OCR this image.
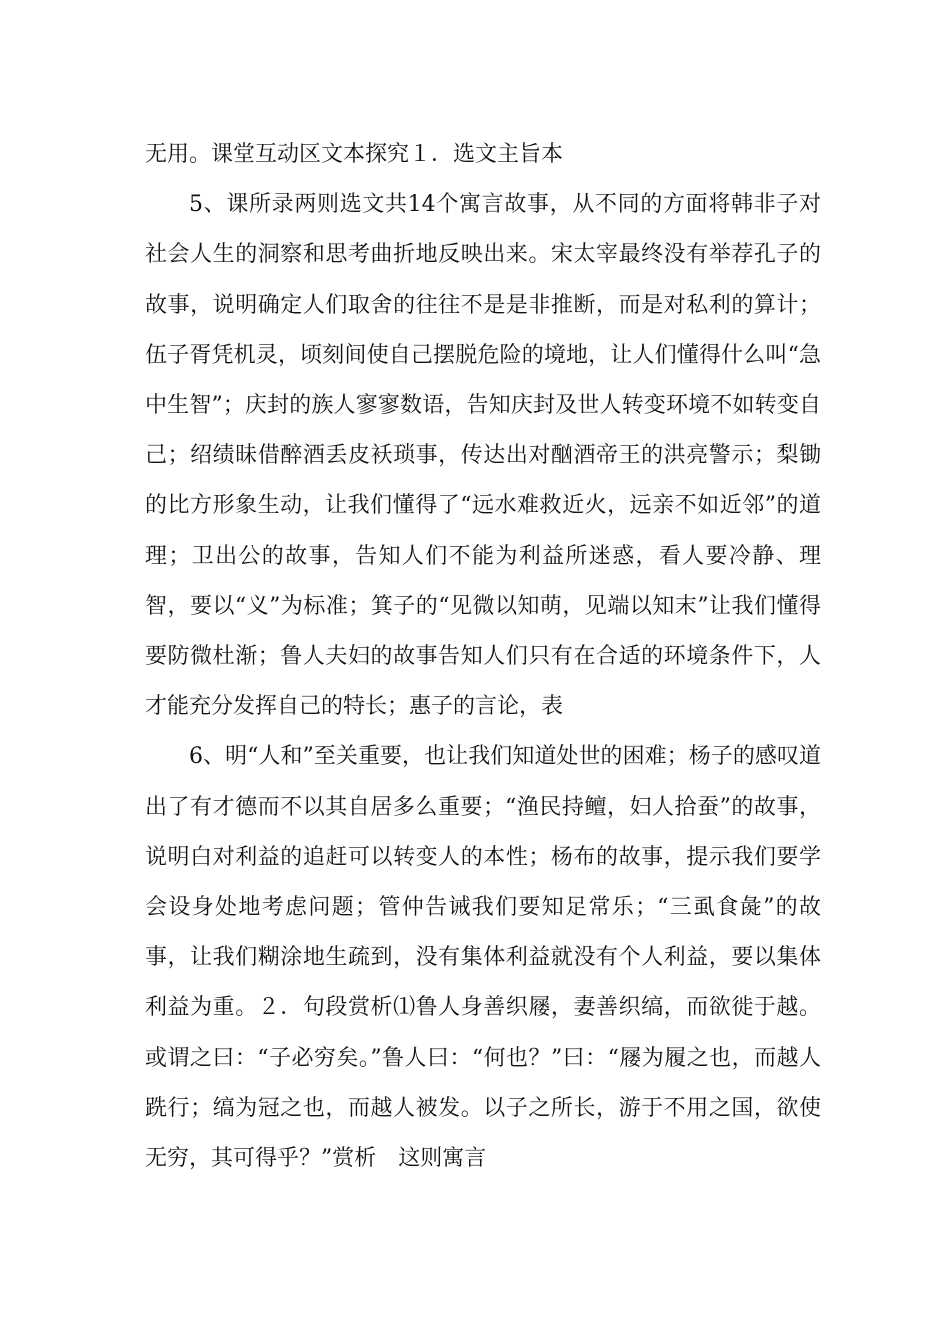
无用。课堂互动区文本探究１．选文主旨本

5、课所录两则选文共14个寓言故事，从不同的方面将韩非子对社会人生的洞察和思考曲折地反映出来。宋太宰最终没有举荐孔子的故事，说明确定人们取舍的往往不是是非推断，而是对私利的算计；伍子胥凭机灵，顷刻间使自己摆脱危险的境地，让人们懂得什么叫“急中生智”；庆封的族人寥寥数语，告知庆封及世人转变环境不如转变自己；绍绩昧借醉酒丢皮袄琐事，传达出对酗酒帝王的洪亮警示；梨锄的比方形象生动，让我们懂得了“远水难救近火，远亲不如近邻”的道理；卫出公的故事，告知人们不能为利益所迷惑，看人要冷静、理智，要以“义”为标准；箕子的“见微以知萌，见端以知末”让我们懂得要防微杜渐；鲁人夫妇的故事告知人们只有在合适的环境条件下，人才能充分发挥自己的特长；惠子的言论，表

6、明“人和”至关重要，也让我们知道处世的困难；杨子的感叹道出了有才德而不以其自居多么重要；“渔民持鳣，妇人拾蚕”的故事，说明白对利益的追赶可以转变人的本性；杨布的故事，提示我们要学会设身处地考虑问题；管仲告诫我们要知足常乐；“三虱食彘”的故事，让我们糊涂地生疏到，没有集体利益就没有个人利益，要以集体利益为重。２．句段赏析⑴鲁人身善织屦，妻善织缟，而欲徙于越。或谓之曰：“子必穷矣。”鲁人曰：“何也？”曰：“屦为履之也，而越人跣行；缟为冠之也，而越人被发。以子之所长，游于不用之国，欲使无穷，其可得乎？”赏析　这则寓言
